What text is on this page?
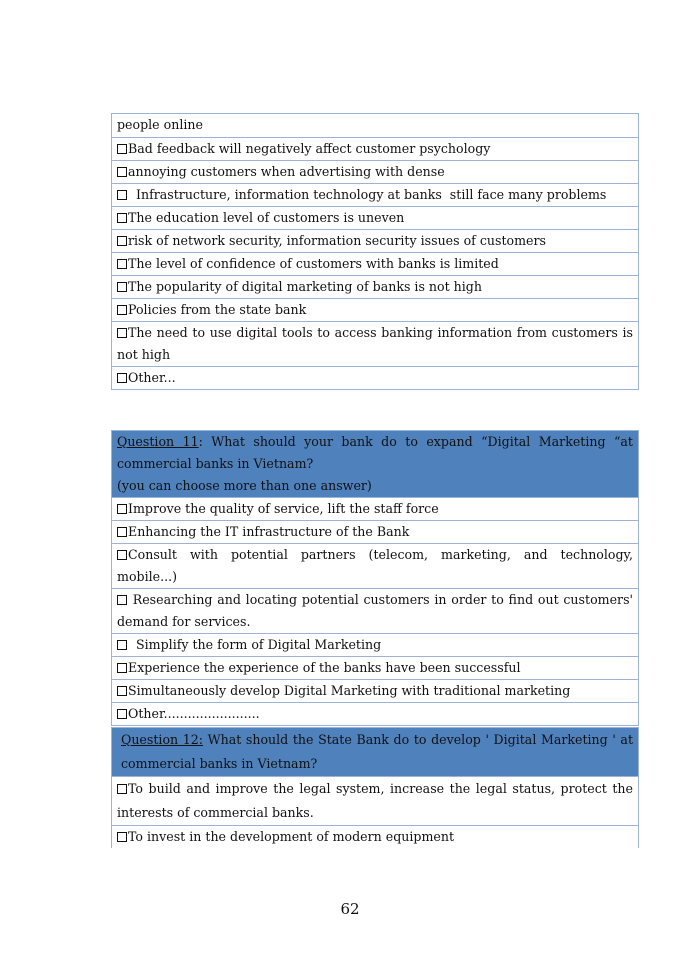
people online
Bad feedback will negatively affect customer psychology
annoying customers when advertising with dense
Infrastructure, information technology at banks  still face many problems
The education level of customers is uneven
risk of network security, information security issues of customers
The level of confidence of customers with banks is limited
The popularity of digital marketing of banks is not high
Policies from the state bank
The need to use digital tools to access banking information from customers is not high
Other...
Question 11: What should your bank do to expand “Digital Marketing “at commercial banks in Vietnam?
(you can choose more than one answer)
Improve the quality of service, lift the staff force
Enhancing the IT infrastructure of the Bank
Consult with potential partners (telecom, marketing, and technology, mobile...)
Researching and locating potential customers in order to find out customers' demand for services.
Simplify the form of Digital Marketing
Experience the experience of the banks have been successful
Simultaneously develop Digital Marketing with traditional marketing
Other........................
Question 12: What should the State Bank do to develop ' Digital Marketing ' at commercial banks in Vietnam?
To build and improve the legal system, increase the legal status, protect the interests of commercial banks.
To invest in the development of modern equipment
62
